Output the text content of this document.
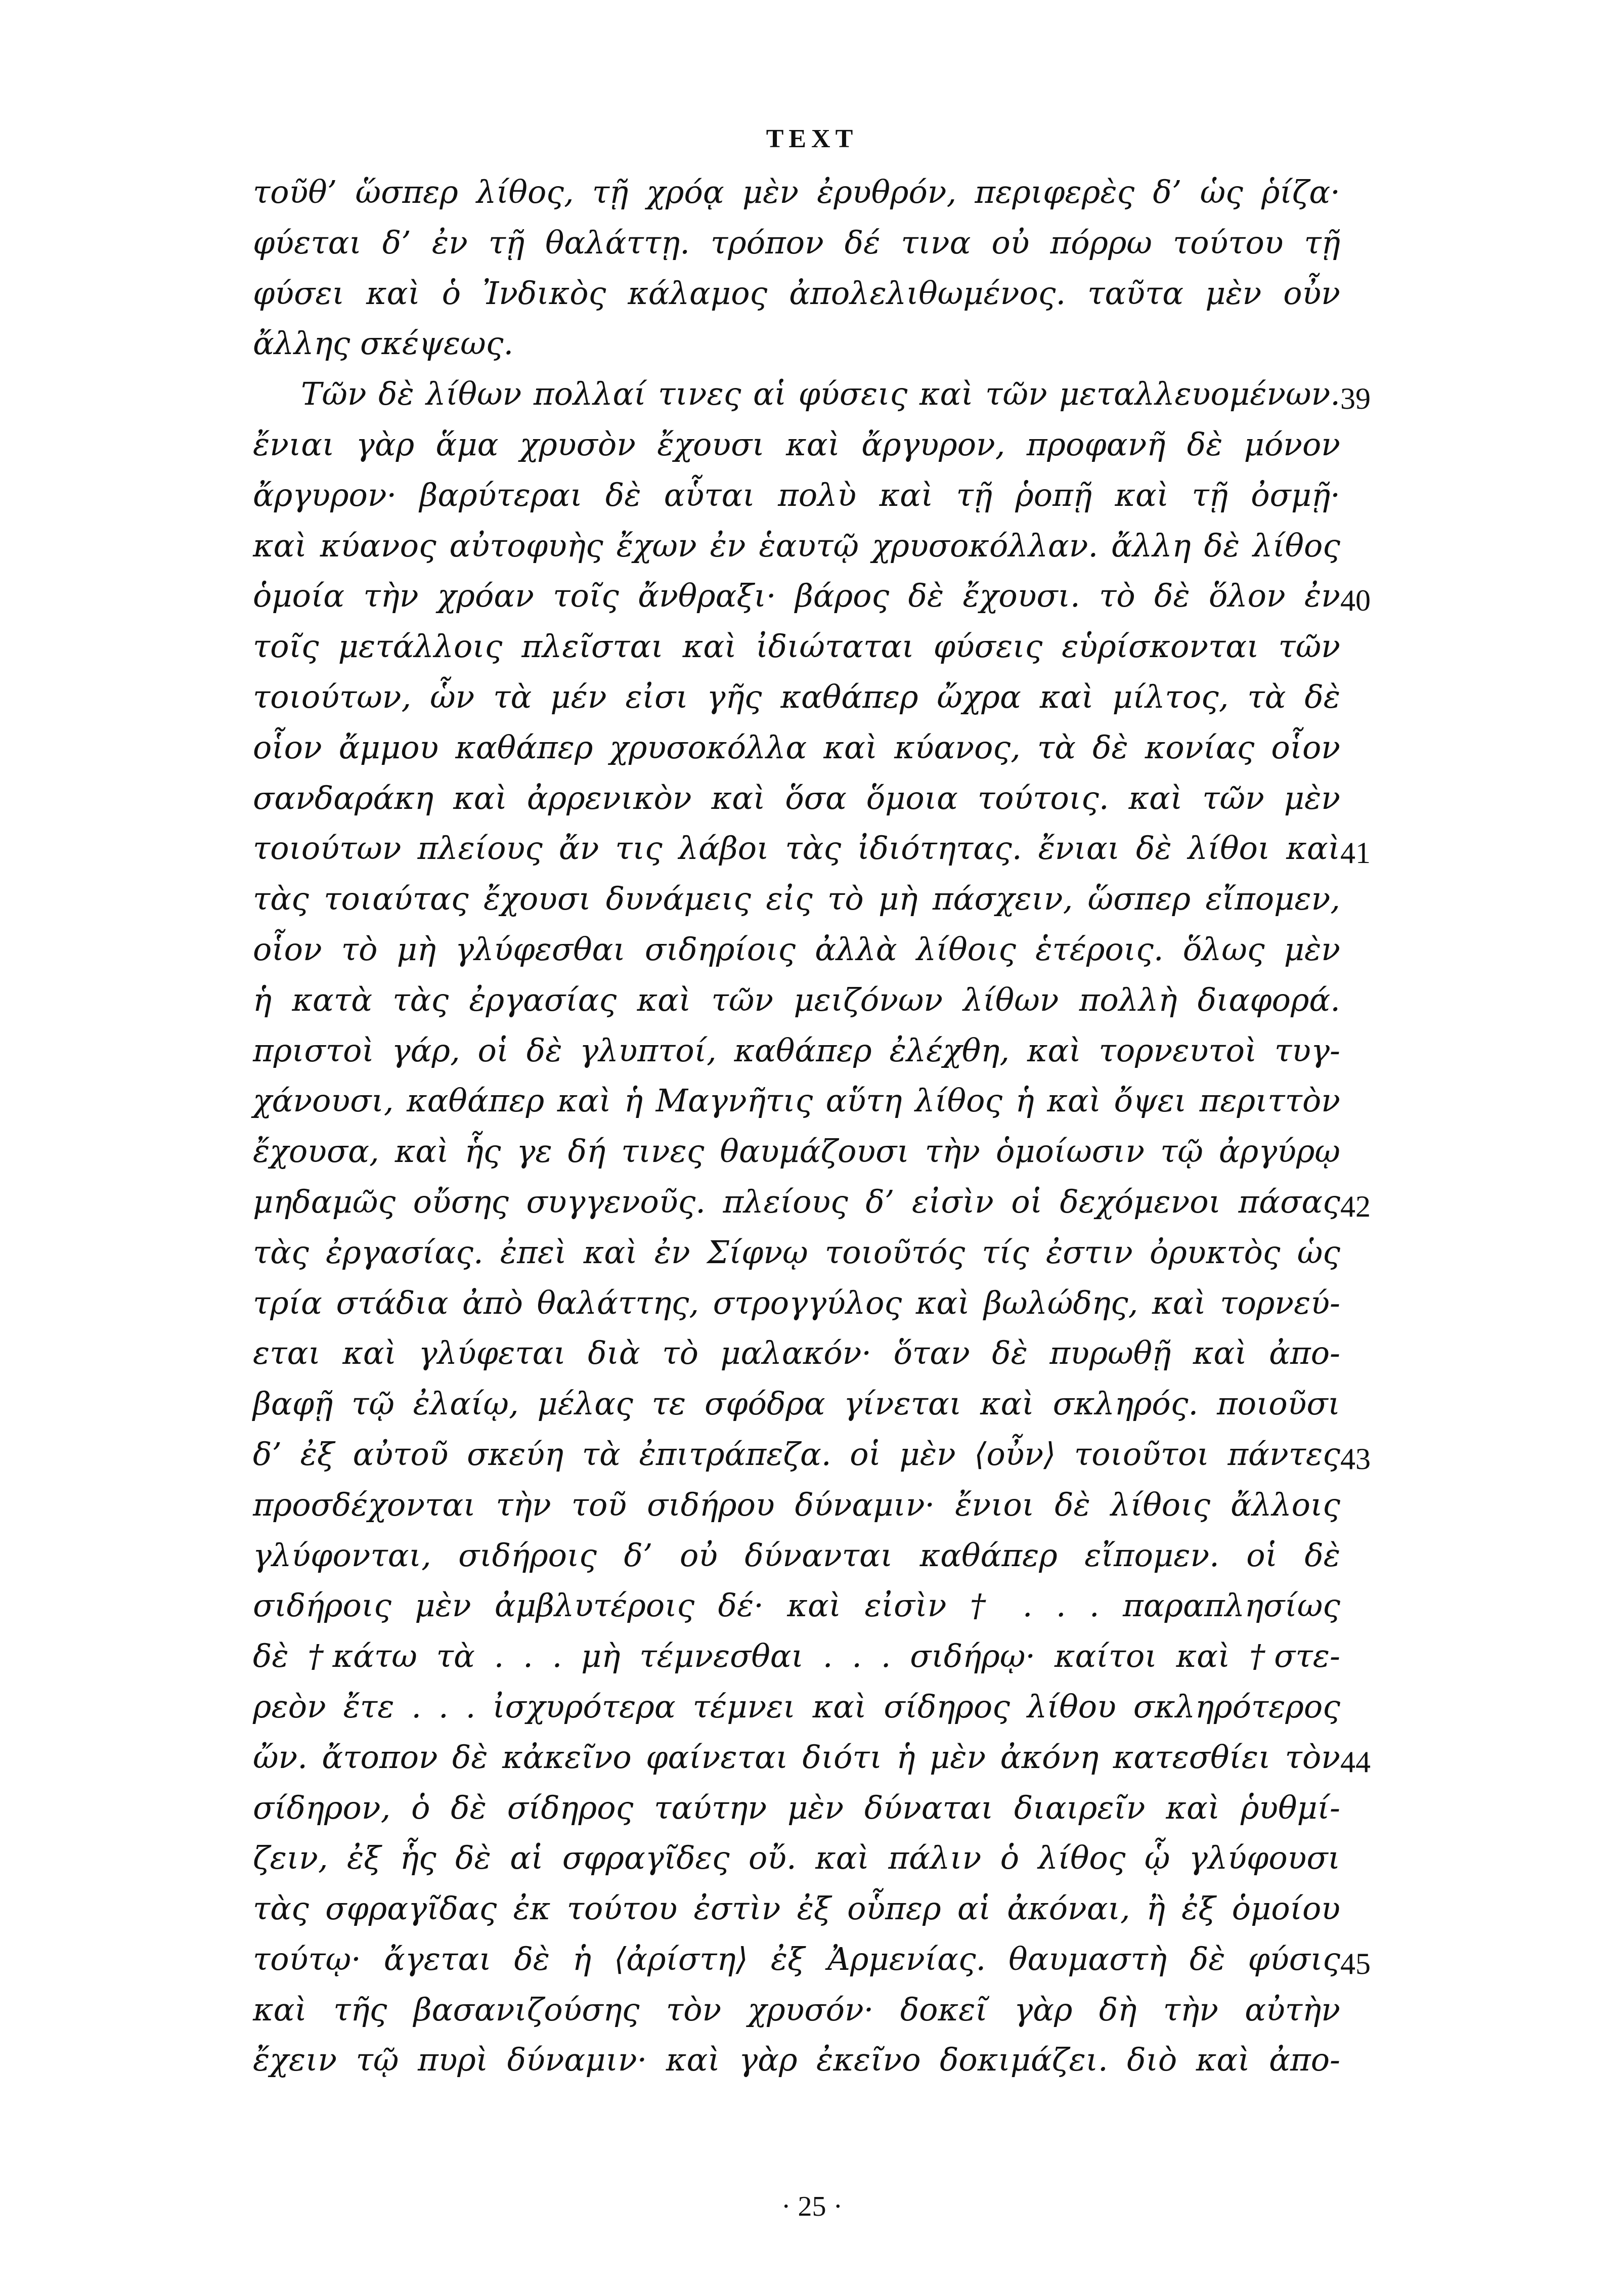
TEXT
τοῦθ’ ὥσπερ λίθος, τῇ χρόᾳ μὲν ἐρυθρόν, περιφερὲς δ’ ὡς ῥίζα·
φύεται δ’ ἐν τῇ θαλάττῃ. τρόπον δέ τινα οὐ πόρρω τούτου τῇ
φύσει καὶ ὁ Ἰνδικὸς κάλαμος ἀπολελιθωμένος. ταῦτα μὲν οὖν
ἄλλης σκέψεως.
Τῶν δὲ λίθων πολλαί τινες αἱ φύσεις καὶ τῶν μεταλλευομένων. 39
ἔνιαι γὰρ ἅμα χρυσὸν ἔχουσι καὶ ἄργυρον, προφανῆ δὲ μόνον
ἄργυρον· βαρύτεραι δὲ αὗται πολὺ καὶ τῇ ῥοπῇ καὶ τῇ ὀσμῇ·
καὶ κύανος αὐτοφυὴς ἔχων ἐν ἑαυτῷ χρυσοκόλλαν. ἄλλη δὲ λίθος
ὁμοία τὴν χρόαν τοῖς ἄνθραξι· βάρος δὲ ἔχουσι. τὸ δὲ ὅλον ἐν 40
τοῖς μετάλλοις πλεῖσται καὶ ἰδιώταται φύσεις εὑρίσκονται τῶν
τοιούτων, ὧν τὰ μέν εἰσι γῆς καθάπερ ὤχρα καὶ μίλτος, τὰ δὲ
οἷον ἄμμου καθάπερ χρυσοκόλλα καὶ κύανος, τὰ δὲ κονίας οἷον
σανδαράκη καὶ ἀρρενικὸν καὶ ὅσα ὅμοια τούτοις. καὶ τῶν μὲν
τοιούτων πλείους ἄν τις λάβοι τὰς ἰδιότητας. ἔνιαι δὲ λίθοι καὶ 41
τὰς τοιαύτας ἔχουσι δυνάμεις εἰς τὸ μὴ πάσχειν, ὥσπερ εἴπομεν,
οἷον τὸ μὴ γλύφεσθαι σιδηρίοις ἀλλὰ λίθοις ἑτέροις. ὅλως μὲν
ἡ κατὰ τὰς ἐργασίας καὶ τῶν μειζόνων λίθων πολλὴ διαφορά.
πριστοὶ γάρ, οἱ δὲ γλυπτοί, καθάπερ ἐλέχθη, καὶ τορνευτοὶ τυγ-
χάνουσι, καθάπερ καὶ ἡ Μαγνῆτις αὕτη λίθος ἡ καὶ ὄψει περιττὸν
ἔχουσα, καὶ ἧς γε δή τινες θαυμάζουσι τὴν ὁμοίωσιν τῷ ἀργύρῳ
μηδαμῶς οὔσης συγγενοῦς. πλείους δ’ εἰσὶν οἱ δεχόμενοι πάσας 42
τὰς ἐργασίας. ἐπεὶ καὶ ἐν Σίφνῳ τοιοῦτός τίς ἐστιν ὀρυκτὸς ὡς
τρία στάδια ἀπὸ θαλάττης, στρογγύλος καὶ βωλώδης, καὶ τορνεύ-
εται καὶ γλύφεται διὰ τὸ μαλακόν· ὅταν δὲ πυρωθῇ καὶ ἀπο-
βαφῇ τῷ ἐλαίῳ, μέλας τε σφόδρα γίνεται καὶ σκληρός. ποιοῦσι
δ’ ἐξ αὐτοῦ σκεύη τὰ ἐπιτράπεζα. οἱ μὲν ⟨οὖν⟩ τοιοῦτοι πάντες 43
προσδέχονται τὴν τοῦ σιδήρου δύναμιν· ἔνιοι δὲ λίθοις ἄλλοις
γλύφονται, σιδήροις δ’ οὐ δύνανται καθάπερ εἴπομεν. οἱ δὲ
σιδήροις μὲν ἀμβλυτέροις δέ· καὶ εἰσὶν † . . . παραπλησίως
δὲ †κάτω τὰ . . . μὴ τέμνεσθαι . . . σιδήρῳ· καίτοι καὶ †στε-
ρεὸν ἔτε . . . ἰσχυρότερα τέμνει καὶ σίδηρος λίθου σκληρότερος
ὤν. ἄτοπον δὲ κἀκεῖνο φαίνεται διότι ἡ μὲν ἀκόνη κατεσθίει τὸν 44
σίδηρον, ὁ δὲ σίδηρος ταύτην μὲν δύναται διαιρεῖν καὶ ῥυθμί-
ζειν, ἐξ ἧς δὲ αἱ σφραγῖδες οὔ. καὶ πάλιν ὁ λίθος ᾧ γλύφουσι
τὰς σφραγῖδας ἐκ τούτου ἐστὶν ἐξ οὗπερ αἱ ἀκόναι, ἢ ἐξ ὁμοίου
τούτῳ· ἄγεται δὲ ἡ ⟨ἀρίστη⟩ ἐξ Ἀρμενίας. θαυμαστὴ δὲ φύσις 45
καὶ τῆς βασανιζούσης τὸν χρυσόν· δοκεῖ γὰρ δὴ τὴν αὐτὴν
ἔχειν τῷ πυρὶ δύναμιν· καὶ γὰρ ἐκεῖνο δοκιμάζει. διὸ καὶ ἀπο-
· 25 ·
